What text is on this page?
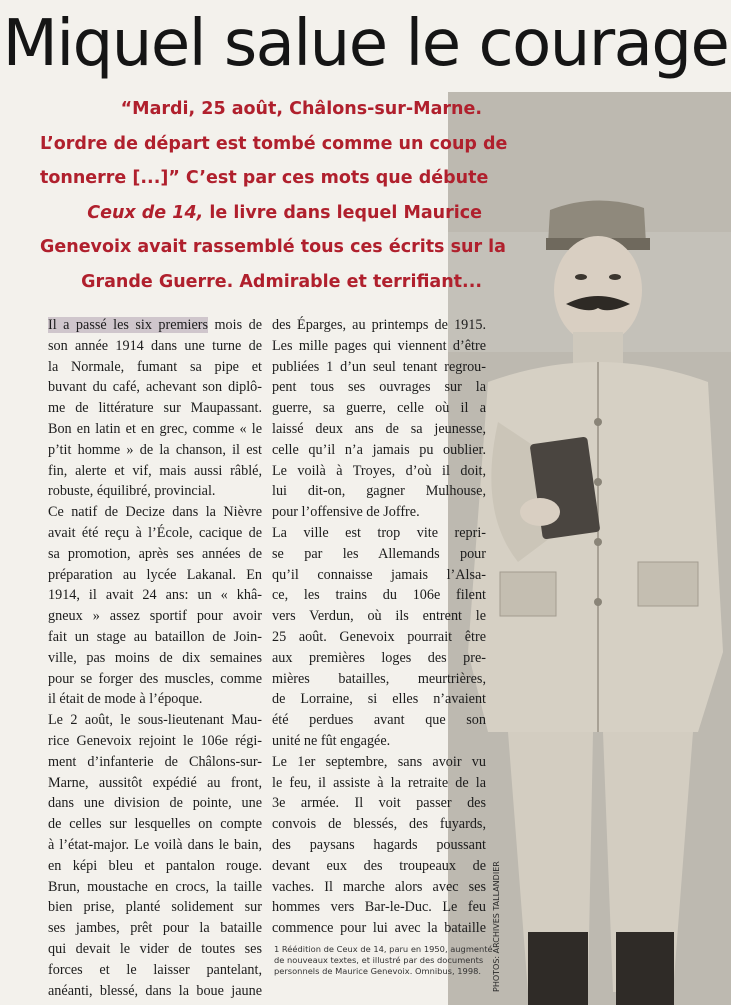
Miquel salue le courage
PHOTOS: ARCHIVES TALLANDIER
“Mardi, 25 août, Châlons-sur-Marne.
L’ordre de départ est tombé comme un coup de
tonnerre [...]” C’est par ces mots que débute
Ceux de 14, le livre dans lequel Maurice
Genevoix avait rassemblé tous ces écrits sur la
Grande Guerre. Admirable et terrifiant...
Il a passé les six premiers mois de
son année 1914 dans une turne de
la Normale, fumant sa pipe et
buvant du café, achevant son diplô-
me de littérature sur Maupassant.
Bon en latin et en grec, comme « le
p’tit homme » de la chanson, il est
fin, alerte et vif, mais aussi râblé,
robuste, équilibré, provincial.
Ce natif de Decize dans la Nièvre
avait été reçu à l’École, cacique de
sa promotion, après ses années de
préparation au lycée Lakanal. En
1914, il avait 24 ans: un « khâ-
gneux » assez sportif pour avoir
fait un stage au bataillon de Join-
ville, pas moins de dix semaines
pour se forger des muscles, comme
il était de mode à l’époque.
Le 2 août, le sous-lieutenant Mau-
rice Genevoix rejoint le 106e régi-
ment d’infanterie de Châlons-sur-
Marne, aussitôt expédié au front,
dans une division de pointe, une
de celles sur lesquelles on compte
à l’état-major. Le voilà dans le bain,
en képi bleu et pantalon rouge.
Brun, moustache en crocs, la taille
bien prise, planté solidement sur
ses jambes, prêt pour la bataille
qui devait le vider de toutes ses
forces et le laisser pantelant,
anéanti, blessé, dans la boue jaune
des Éparges, au printemps de 1915.
Les mille pages qui viennent d’être
publiées 1 d’un seul tenant regrou-
pent tous ses ouvrages sur la
guerre, sa guerre, celle où il a
laissé deux ans de sa jeunesse,
celle qu’il n’a jamais pu oublier.
Le voilà à Troyes, d’où il doit,
lui dit-on, gagner Mulhouse,
pour l’offensive de Joffre.
La ville est trop vite repri-
se par les Allemands pour
qu’il connaisse jamais l’Alsa-
ce, les trains du 106e filent
vers Verdun, où ils entrent le
25 août. Genevoix pourrait être
aux premières loges des pre-
mières batailles, meurtrières,
de Lorraine, si elles n’avaient
été perdues avant que son
unité ne fût engagée.
Le 1er septembre, sans avoir vu
le feu, il assiste à la retraite de la
3e armée. Il voit passer des
convois de blessés, des fuyards,
des paysans hagards poussant
devant eux des troupeaux de
vaches. Il marche alors avec ses
hommes vers Bar-le-Duc. Le feu
commence pour lui avec la bataille
1 Réédition de Ceux de 14, paru en 1950, augmenté
de nouveaux textes, et illustré par des documents
personnels de Maurice Genevoix. Omnibus, 1998.
